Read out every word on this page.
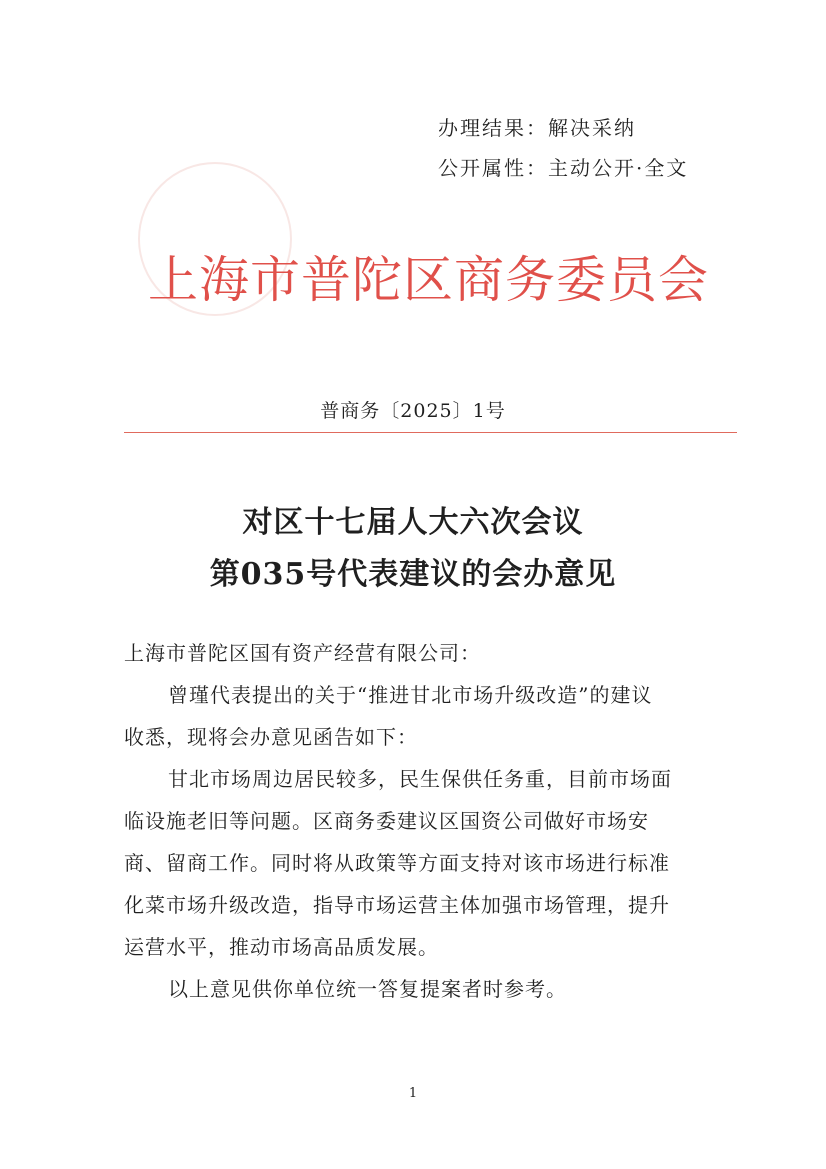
办理结果：解决采纳
公开属性：主动公开·全文
上海市普陀区商务委员会
普商务〔2025〕1号
对区十七届人大六次会议
第035号代表建议的会办意见
上海市普陀区国有资产经营有限公司：
曾瑾代表提出的关于“推进甘北市场升级改造”的建议
收悉，现将会办意见函告如下：
甘北市场周边居民较多，民生保供任务重，目前市场面
临设施老旧等问题。区商务委建议区国资公司做好市场安
商、留商工作。同时将从政策等方面支持对该市场进行标准
化菜市场升级改造，指导市场运营主体加强市场管理，提升
运营水平，推动市场高品质发展。
以上意见供你单位统一答复提案者时参考。
1
